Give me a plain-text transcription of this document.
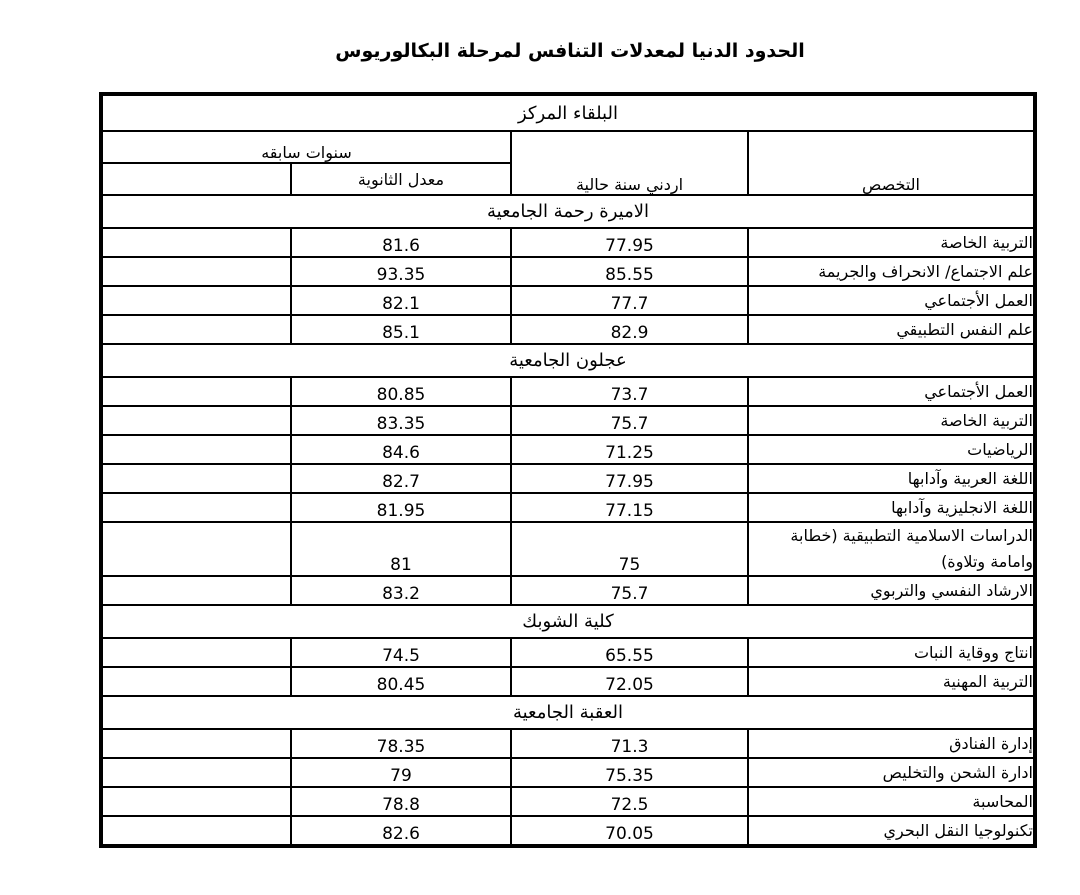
الحدود الدنيا لمعدلات التنافس لمرحلة البكالوريوس
البلقاء المركز			
التخصص	اردني سنة حالية	سنوات سابقه	
		معدل الثانوية	
الاميرة رحمة الجامعية			
التربية الخاصة	77.95	81.6	
علم الاجتماع/ الانحراف والجريمة	85.55	93.35	
العمل الأجتماعي	77.7	82.1	
علم النفس التطبيقي	82.9	85.1	
عجلون الجامعية			
العمل الأجتماعي	73.7	80.85	
التربية الخاصة	75.7	83.35	
الرياضيات	71.25	84.6	
اللغة العربية وآدابها	77.95	82.7	
اللغة الانجليزية وآدابها	77.15	81.95	
الدراسات الاسلامية التطبيقية (خطابة وامامة وتلاوة)	75	81	
الارشاد النفسي والتربوي	75.7	83.2	
كلية الشوبك			
انتاج ووقاية النبات	65.55	74.5	
التربية المهنية	72.05	80.45	
العقبة الجامعية			
إدارة الفنادق	71.3	78.35	
ادارة الشحن والتخليص	75.35	79	
المحاسبة	72.5	78.8	
تكنولوجيا النقل البحري	70.05	82.6	
